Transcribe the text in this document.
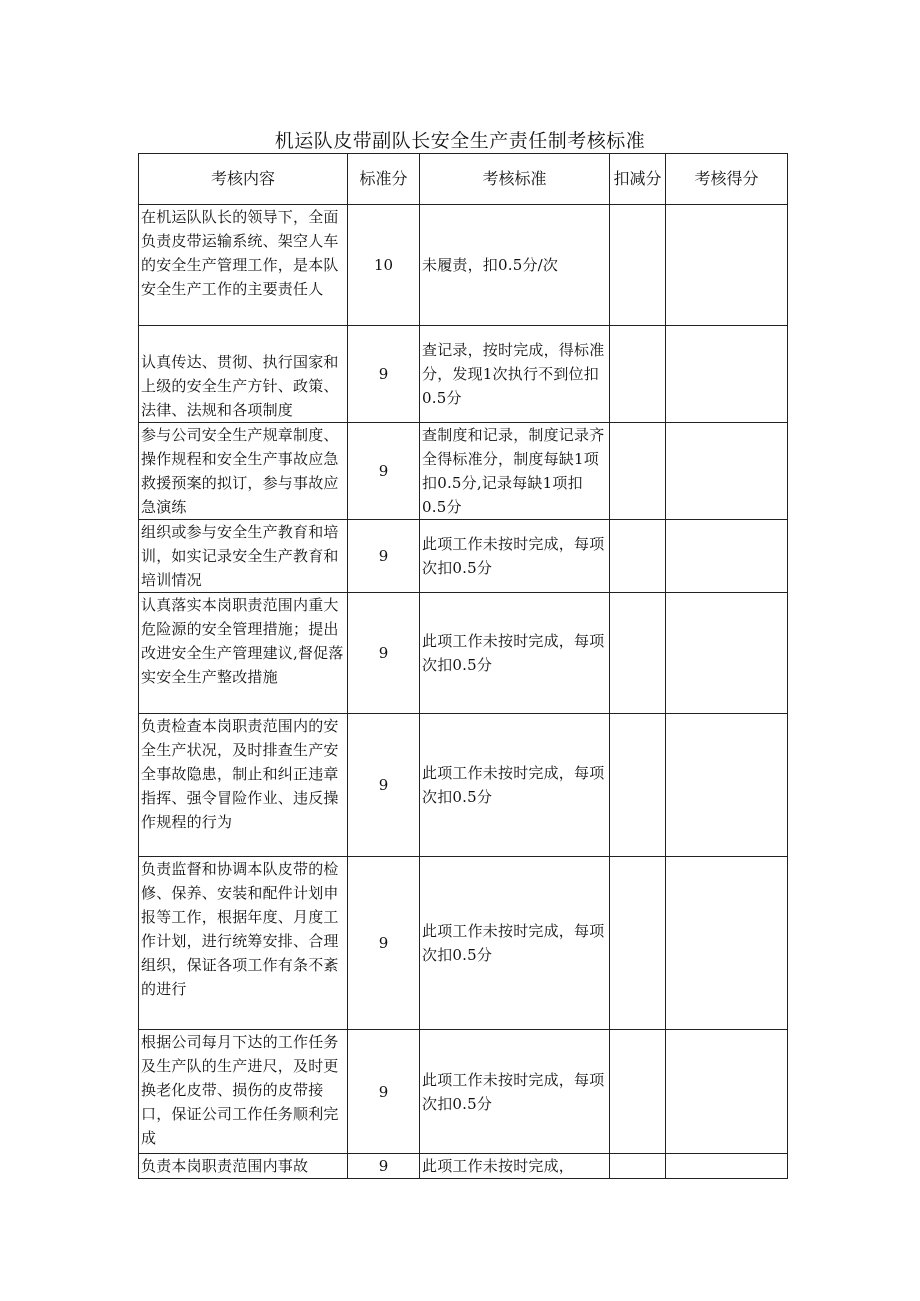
机运队皮带副队长安全生产责任制考核标准
考核内容	标准分	考核标准	扣减分	考核得分
在机运队队长的领导下，全面负责皮带运输系统、架空人车的安全生产管理工作，是本队安全生产工作的主要责任人	10	未履责，扣0.5分/次		
认真传达、贯彻、执行国家和上级的安全生产方针、政策、法律、法规和各项制度	9	查记录，按时完成，得标准分，发现1次执行不到位扣0.5分		
参与公司安全生产规章制度、操作规程和安全生产事故应急救援预案的拟订，参与事故应急演练	9	查制度和记录，制度记录齐全得标准分，制度每缺1项扣0.5分,记录每缺1项扣0.5分		
组织或参与安全生产教育和培训，如实记录安全生产教育和培训情况	9	此项工作未按时完成，每项次扣0.5分		
认真落实本岗职责范围内重大危险源的安全管理措施；提出改进安全生产管理建议,督促落实安全生产整改措施	9	此项工作未按时完成，每项次扣0.5分		
负责检查本岗职责范围内的安全生产状况，及时排查生产安全事故隐患，制止和纠正违章指挥、强令冒险作业、违反操作规程的行为	9	此项工作未按时完成，每项次扣0.5分		
负责监督和协调本队皮带的检修、保养、安装和配件计划申报等工作，根据年度、月度工作计划，进行统筹安排、合理组织，保证各项工作有条不紊的进行	9	此项工作未按时完成，每项次扣0.5分		
根据公司每月下达的工作任务及生产队的生产进尺，及时更换老化皮带、损伤的皮带接口，保证公司工作任务顺利完成	9	此项工作未按时完成，每项次扣0.5分		
负责本岗职责范围内事故	9	此项工作未按时完成，		
